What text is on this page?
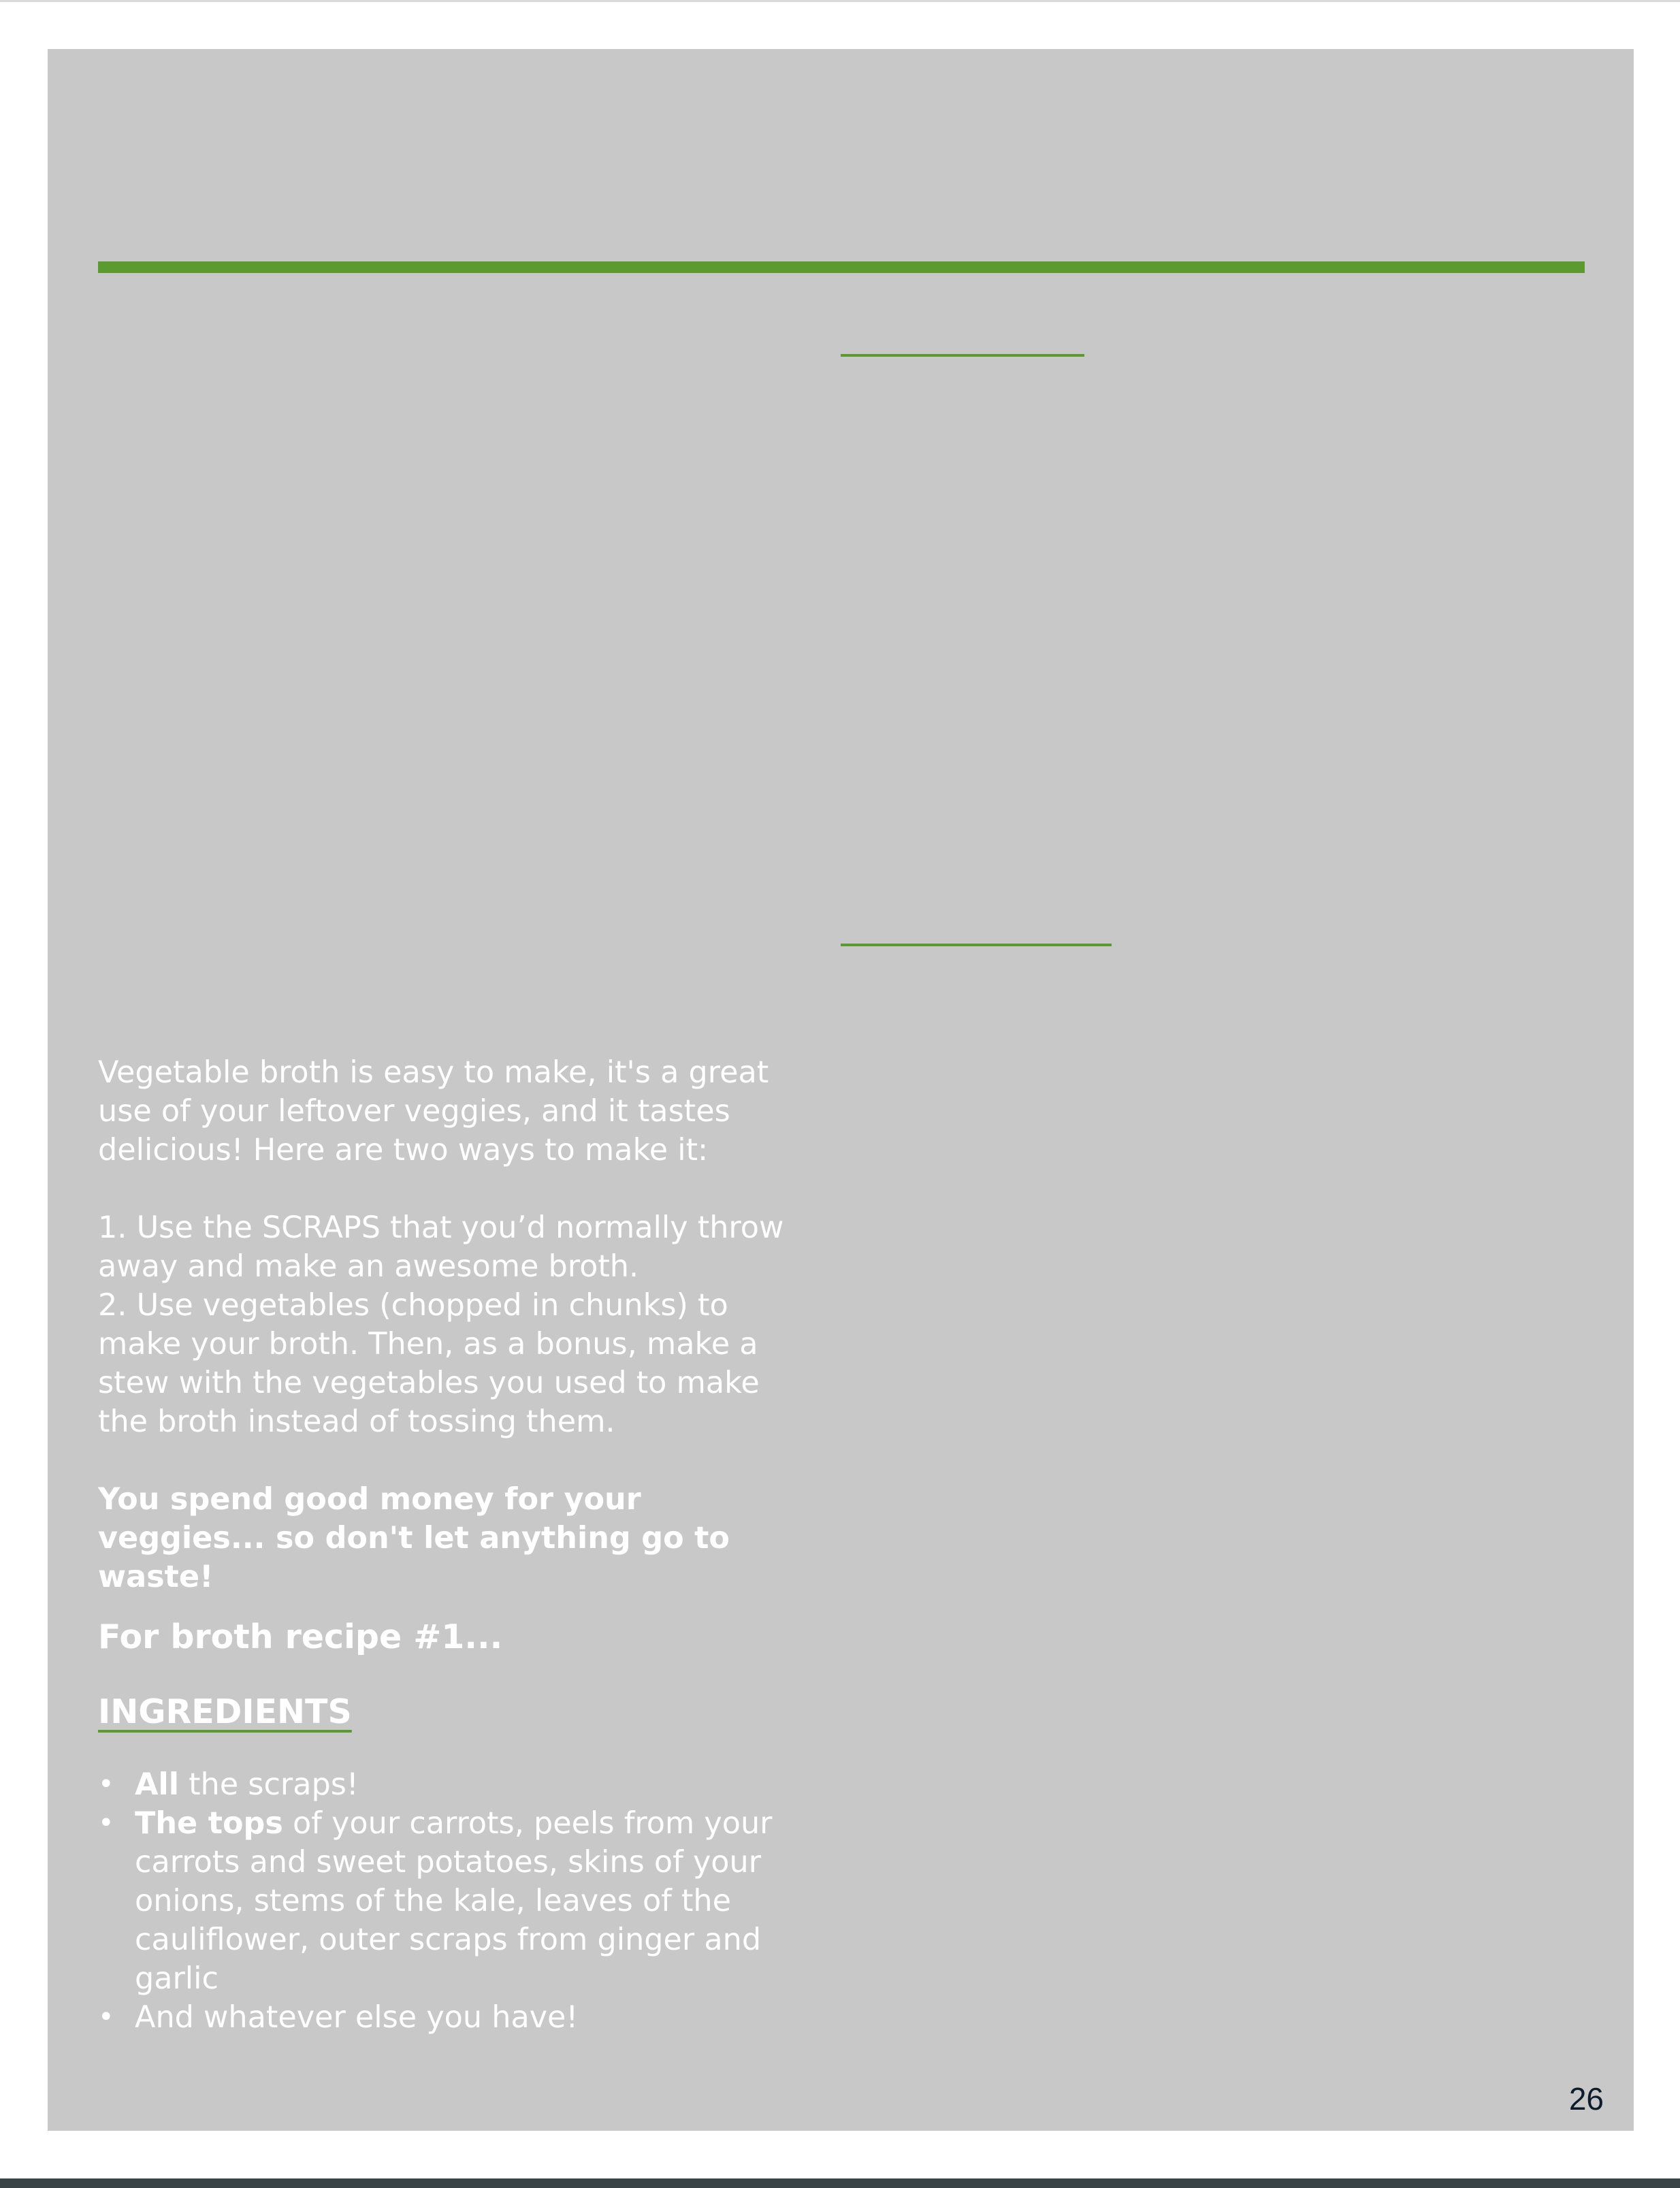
Vegetable broth is easy to make, it's a great use of your leftover veggies, and it tastes delicious! Here are two ways to make it:

1. Use the SCRAPS that you’d normally throw away and make an awesome broth.

2. Use vegetables (chopped in chunks) to make your broth. Then, as a bonus, make a stew with the vegetables you used to make the broth instead of tossing them.

You spend good money for your veggies... so don't let anything go to waste!

For broth recipe #1...

INGREDIENTS
• All the scraps!
• The tops of your carrots, peels from your carrots and sweet potatoes, skins of your onions, stems of the kale, leaves of the cauliflower, outer scraps from ginger and garlic
• And whatever else you have!
26
